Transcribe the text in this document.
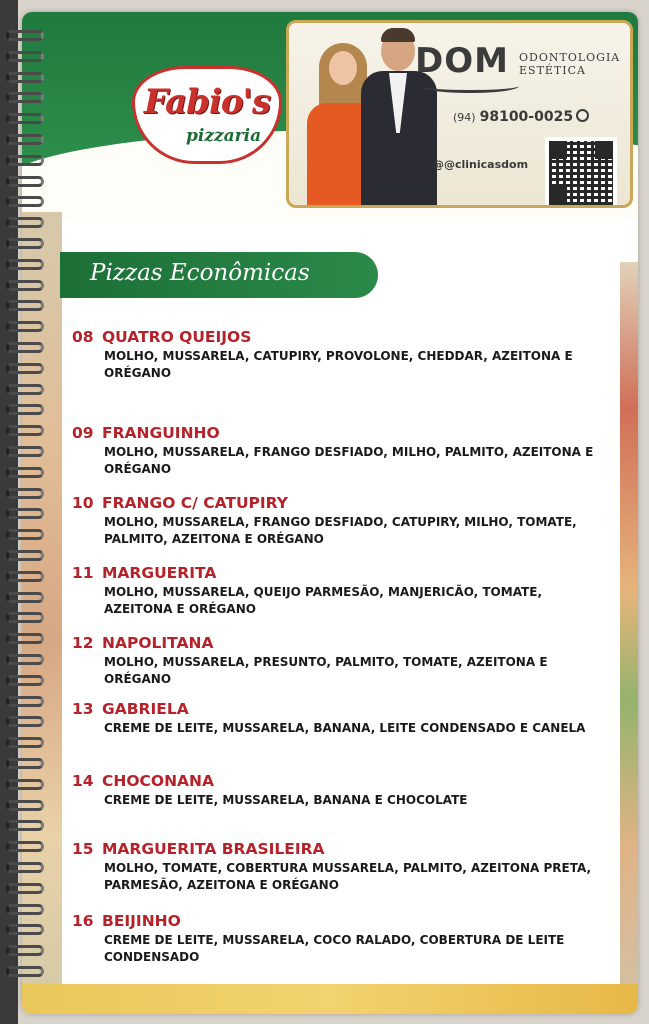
Fabio's
pizzaria
DOM ODONTOLOGIA
ESTÉTICA
(94) 98100-0025
@@clinicasdom
Pizzas Econômicas
08 QUATRO QUEIJOS
MOLHO, MUSSARELA, CATUPIRY, PROVOLONE, CHEDDAR, AZEITONA E ORÉGANO
09 FRANGUINHO
MOLHO, MUSSARELA, FRANGO DESFIADO, MILHO, PALMITO, AZEITONA E ORÉGANO
10 FRANGO C/ CATUPIRY
MOLHO, MUSSARELA, FRANGO DESFIADO, CATUPIRY, MILHO, TOMATE, PALMITO, AZEITONA E ORÉGANO
11 MARGUERITA
MOLHO, MUSSARELA, QUEIJO PARMESÃO, MANJERICÃO, TOMATE, AZEITONA E ORÉGANO
12 NAPOLITANA
MOLHO, MUSSARELA, PRESUNTO, PALMITO, TOMATE, AZEITONA E ORÉGANO
13 GABRIELA
CREME DE LEITE, MUSSARELA, BANANA, LEITE CONDENSADO E CANELA
14 CHOCONANA
CREME DE LEITE, MUSSARELA, BANANA E CHOCOLATE
15 MARGUERITA BRASILEIRA
MOLHO, TOMATE, COBERTURA MUSSARELA, PALMITO, AZEITONA PRETA, PARMESÃO, AZEITONA E ORÉGANO
16 BEIJINHO
CREME DE LEITE, MUSSARELA, COCO RALADO, COBERTURA DE LEITE CONDENSADO
